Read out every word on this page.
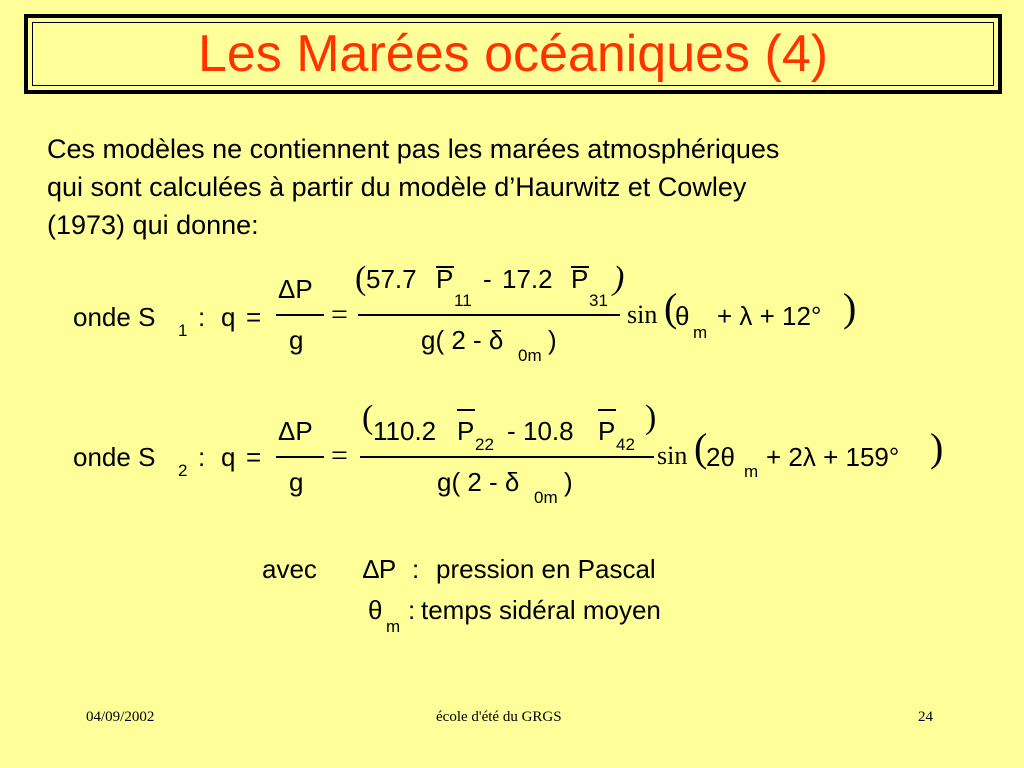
Les Marées océaniques (4)
Ces modèles ne contiennent pas les marées atmosphériques
qui sont calculées à partir du modèle d’Haurwitz et Cowley
(1973) qui donne:
onde S 1 : q =
ΔP
g
=
( 57.7 P
11
- 17.2 P
31
)
g( 2 - δ
0m
)
sin (
θ
m
+ λ + 12° )
onde S 2 : q =
ΔP
g
=
( 110.2 P 22 - 10.8 P 42
)
g( 2 - δ
0m
)
sin (
2θ m + 2λ + 159° )
avec ∆P : pression en Pascal
θ
m
: temps sidéral moyen
04/09/2002	école d'été du GRGS	24
